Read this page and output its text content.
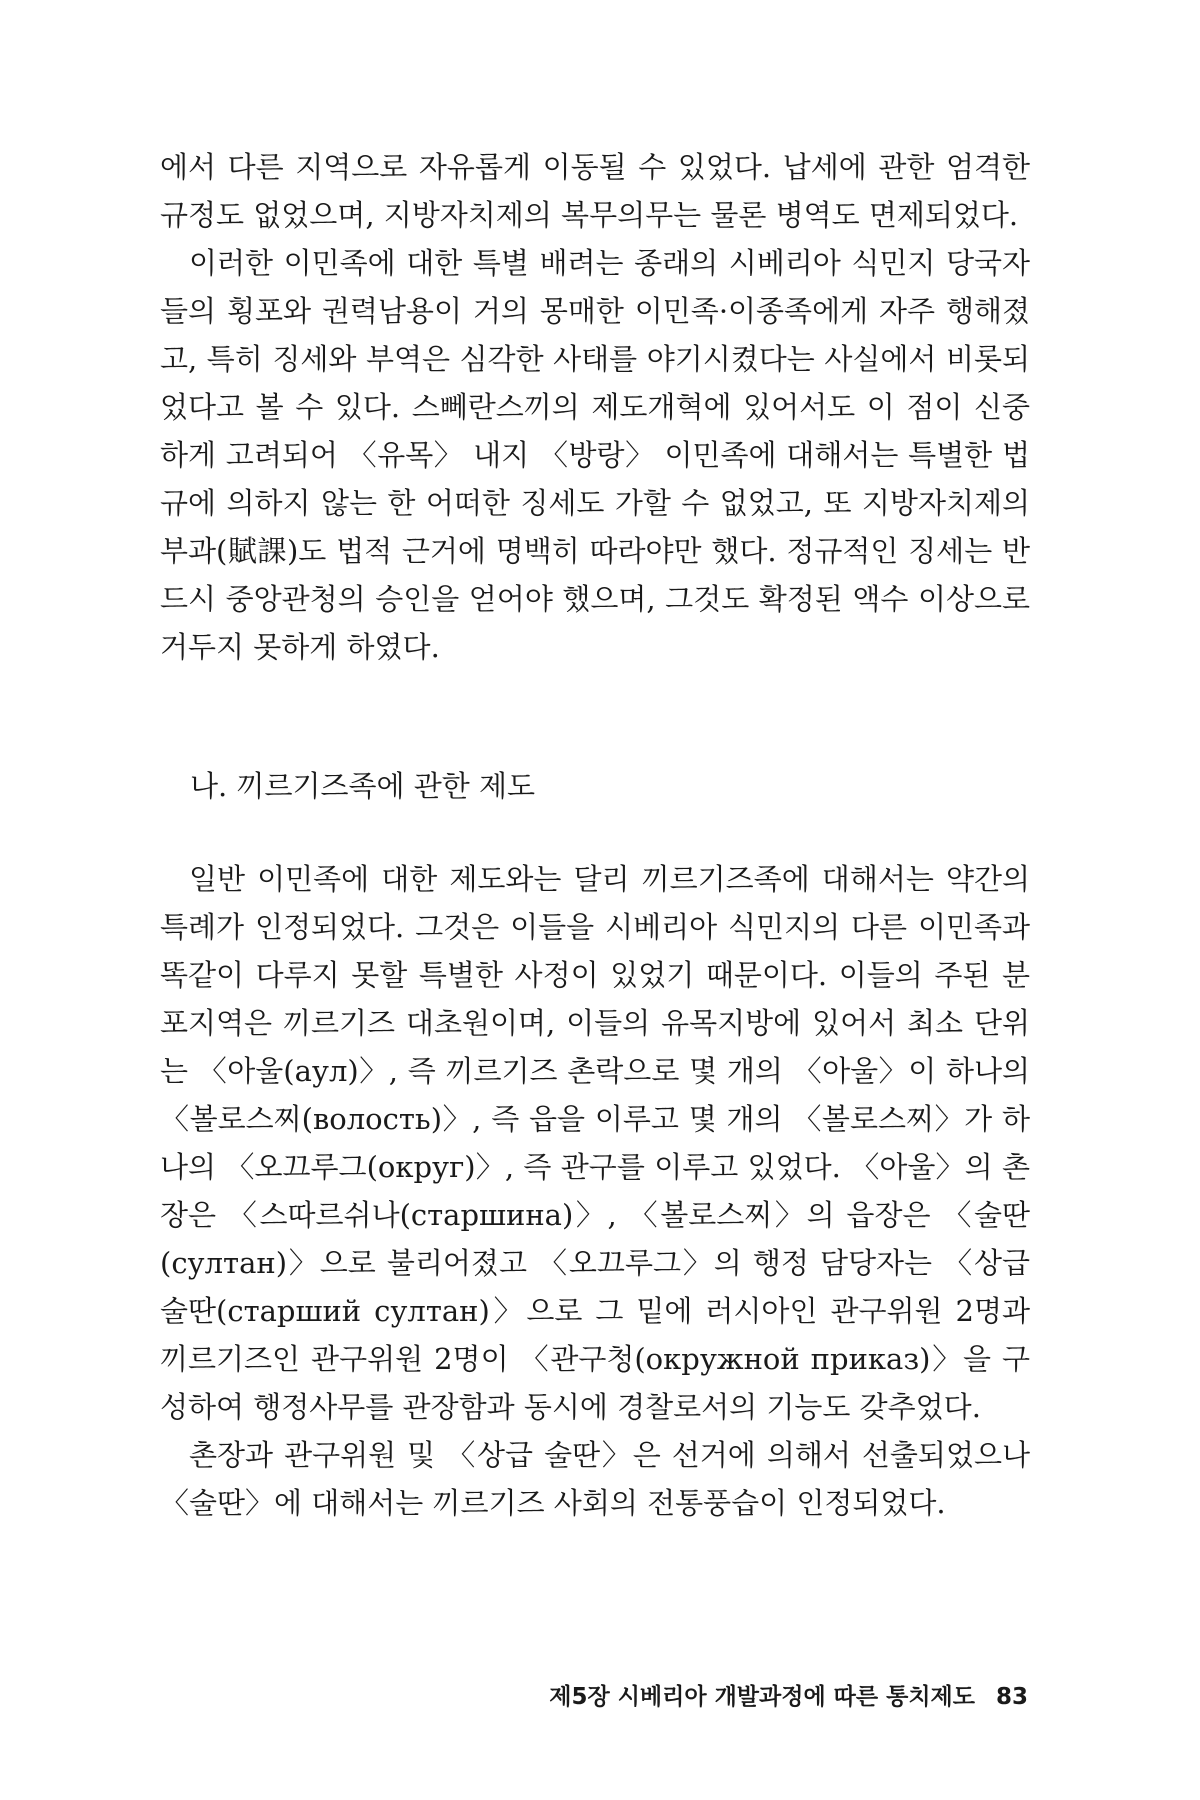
에서 다른 지역으로 자유롭게 이동될 수 있었다. 납세에 관한 엄격한 규정도 없었으며, 지방자치제의 복무의무는 물론 병역도 면제되었다.

이러한 이민족에 대한 특별 배려는 종래의 시베리아 식민지 당국자들의 횡포와 권력남용이 거의 몽매한 이민족·이종족에게 자주 행해졌고, 특히 징세와 부역은 심각한 사태를 야기시켰다는 사실에서 비롯되었다고 볼 수 있다. 스뻬란스끼의 제도개혁에 있어서도 이 점이 신중하게 고려되어 〈유목〉 내지 〈방랑〉 이민족에 대해서는 특별한 법규에 의하지 않는 한 어떠한 징세도 가할 수 없었고, 또 지방자치제의 부과(賦課)도 법적 근거에 명백히 따라야만 했다. 정규적인 징세는 반드시 중앙관청의 승인을 얻어야 했으며, 그것도 확정된 액수 이상으로 거두지 못하게 하였다.

나. 끼르기즈족에 관한 제도

일반 이민족에 대한 제도와는 달리 끼르기즈족에 대해서는 약간의 특례가 인정되었다. 그것은 이들을 시베리아 식민지의 다른 이민족과 똑같이 다루지 못할 특별한 사정이 있었기 때문이다. 이들의 주된 분포지역은 끼르기즈 대초원이며, 이들의 유목지방에 있어서 최소 단위는 〈아울(аул)〉, 즉 끼르기즈 촌락으로 몇 개의 〈아울〉이 하나의 〈볼로스찌(волость)〉, 즉 읍을 이루고 몇 개의 〈볼로스찌〉가 하나의 〈오끄루그(округ)〉, 즉 관구를 이루고 있었다. 〈아울〉의 촌장은 〈스따르쉬나(старшина)〉, 〈볼로스찌〉의 읍장은 〈술딴(султан)〉으로 불리어졌고 〈오끄루그〉의 행정 담당자는 〈상급 술딴(старший султан)〉으로 그 밑에 러시아인 관구위원 2명과 끼르기즈인 관구위원 2명이 〈관구청(окружной приказ)〉을 구성하여 행정사무를 관장함과 동시에 경찰로서의 기능도 갖추었다.

촌장과 관구위원 및 〈상급 술딴〉은 선거에 의해서 선출되었으나 〈술딴〉에 대해서는 끼르기즈 사회의 전통풍습이 인정되었다.

제5장 시베리아 개발과정에 따른 통치제도 83
